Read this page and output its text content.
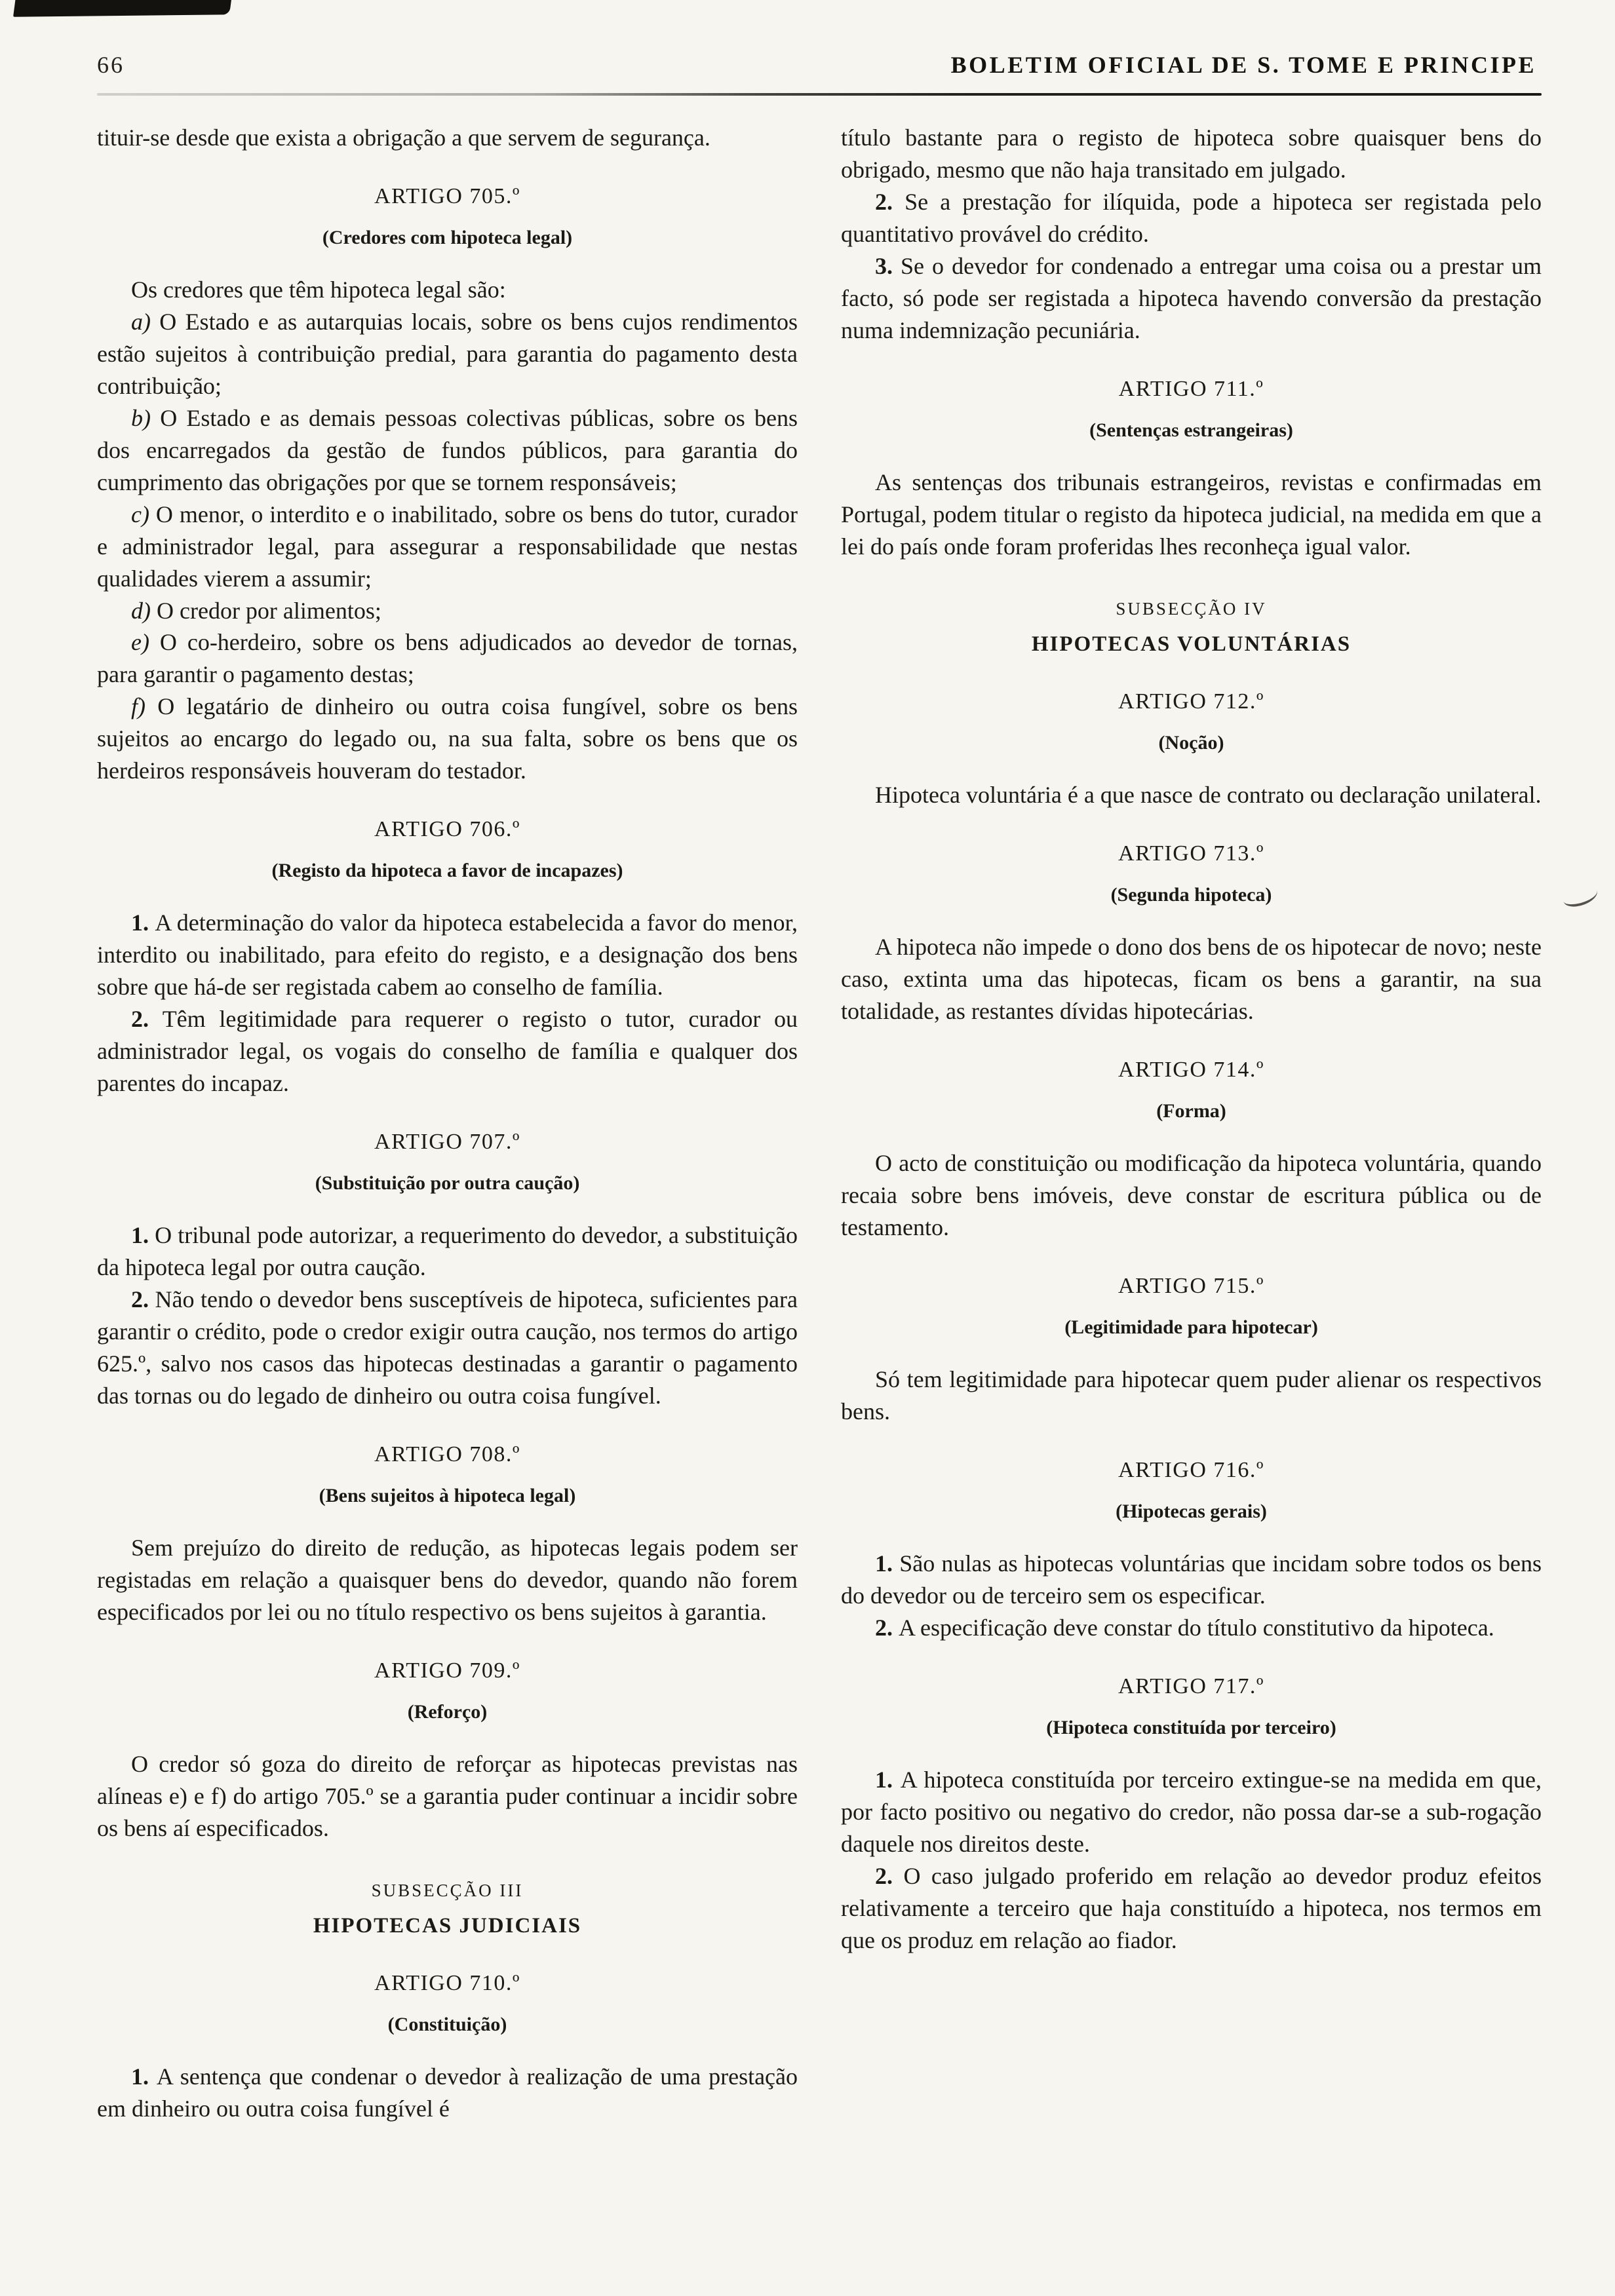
66	BOLETIM OFICIAL DE S. TOME E PRINCIPE

tituir-se desde que exista a obrigação a que servem de segurança.

ARTIGO 705.º

(Credores com hipoteca legal)

Os credores que têm hipoteca legal são:

a) O Estado e as autarquias locais, sobre os bens cujos rendimentos estão sujeitos à contribuição predial, para garantia do pagamento desta contribuição;

b) O Estado e as demais pessoas colectivas públicas, sobre os bens dos encarregados da gestão de fundos públicos, para garantia do cumprimento das obrigações por que se tornem responsáveis;

c) O menor, o interdito e o inabilitado, sobre os bens do tutor, curador e administrador legal, para assegurar a responsabilidade que nestas qualidades vierem a assumir;

d) O credor por alimentos;

e) O co-herdeiro, sobre os bens adjudicados ao devedor de tornas, para garantir o pagamento destas;

f) O legatário de dinheiro ou outra coisa fungível, sobre os bens sujeitos ao encargo do legado ou, na sua falta, sobre os bens que os herdeiros responsáveis houveram do testador.

ARTIGO 706.º

(Registo da hipoteca a favor de incapazes)

1. A determinação do valor da hipoteca estabelecida a favor do menor, interdito ou inabilitado, para efeito do registo, e a designação dos bens sobre que há-de ser registada cabem ao conselho de família.

2. Têm legitimidade para requerer o registo o tutor, curador ou administrador legal, os vogais do conselho de família e qualquer dos parentes do incapaz.

ARTIGO 707.º

(Substituição por outra caução)

1. O tribunal pode autorizar, a requerimento do devedor, a substituição da hipoteca legal por outra caução.

2. Não tendo o devedor bens susceptíveis de hipoteca, suficientes para garantir o crédito, pode o credor exigir outra caução, nos termos do artigo 625.º, salvo nos casos das hipotecas destinadas a garantir o pagamento das tornas ou do legado de dinheiro ou outra coisa fungível.

ARTIGO 708.º

(Bens sujeitos à hipoteca legal)

Sem prejuízo do direito de redução, as hipotecas legais podem ser registadas em relação a quaisquer bens do devedor, quando não forem especificados por lei ou no título respectivo os bens sujeitos à garantia.

ARTIGO 709.º

(Reforço)

O credor só goza do direito de reforçar as hipotecas previstas nas alíneas e) e f) do artigo 705.º se a garantia puder continuar a incidir sobre os bens aí especificados.

SUBSECÇÃO III

HIPOTECAS JUDICIAIS

ARTIGO 710.º

(Constituição)

1. A sentença que condenar o devedor à realização de uma prestação em dinheiro ou outra coisa fungível é

título bastante para o registo de hipoteca sobre quaisquer bens do obrigado, mesmo que não haja transitado em julgado.

2. Se a prestação for ilíquida, pode a hipoteca ser registada pelo quantitativo provável do crédito.

3. Se o devedor for condenado a entregar uma coisa ou a prestar um facto, só pode ser registada a hipoteca havendo conversão da prestação numa indemnização pecuniária.

ARTIGO 711.º

(Sentenças estrangeiras)

As sentenças dos tribunais estrangeiros, revistas e confirmadas em Portugal, podem titular o registo da hipoteca judicial, na medida em que a lei do país onde foram proferidas lhes reconheça igual valor.

SUBSECÇÃO IV

HIPOTECAS VOLUNTÁRIAS

ARTIGO 712.º

(Noção)

Hipoteca voluntária é a que nasce de contrato ou declaração unilateral.

ARTIGO 713.º

(Segunda hipoteca)

A hipoteca não impede o dono dos bens de os hipotecar de novo; neste caso, extinta uma das hipotecas, ficam os bens a garantir, na sua totalidade, as restantes dívidas hipotecárias.

ARTIGO 714.º

(Forma)

O acto de constituição ou modificação da hipoteca voluntária, quando recaia sobre bens imóveis, deve constar de escritura pública ou de testamento.

ARTIGO 715.º

(Legitimidade para hipotecar)

Só tem legitimidade para hipotecar quem puder alienar os respectivos bens.

ARTIGO 716.º

(Hipotecas gerais)

1. São nulas as hipotecas voluntárias que incidam sobre todos os bens do devedor ou de terceiro sem os especificar.

2. A especificação deve constar do título constitutivo da hipoteca.

ARTIGO 717.º

(Hipoteca constituída por terceiro)

1. A hipoteca constituída por terceiro extingue-se na medida em que, por facto positivo ou negativo do credor, não possa dar-se a sub-rogação daquele nos direitos deste.

2. O caso julgado proferido em relação ao devedor produz efeitos relativamente a terceiro que haja constituído a hipoteca, nos termos em que os produz em relação ao fiador.
